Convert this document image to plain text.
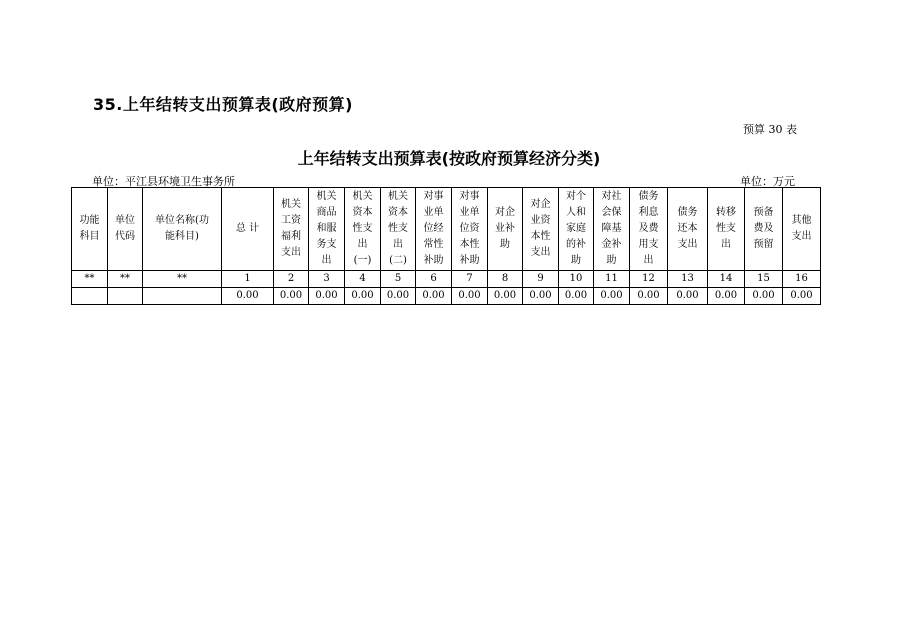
35.上年结转支出预算表(政府预算)
预算 30 表
上年结转支出预算表(按政府预算经济分类)
单位：平江县环境卫生事务所	单位：万元
功能
科目	单位
代码	单位名称(功
能科目)	总 计	机关
工资
福利
支出	机关
商品
和服
务支
出	机关
资本
性支
出
(一)	机关
资本
性支
出
(二)	对事
业单
位经
常性
补助	对事
业单
位资
本性
补助	对企
业补
助	对企
业资
本性
支出	对个
人和
家庭
的补
助	对社
会保
障基
金补
助	债务
利息
及费
用支
出	债务
还本
支出	转移
性支
出	预备
费及
预留	其他
支出
**	**	**	1	2	3	4	5	6	7	8	9	10	11	12	13	14	15	16
			0.00	0.00	0.00	0.00	0.00	0.00	0.00	0.00	0.00	0.00	0.00	0.00	0.00	0.00	0.00	0.00
